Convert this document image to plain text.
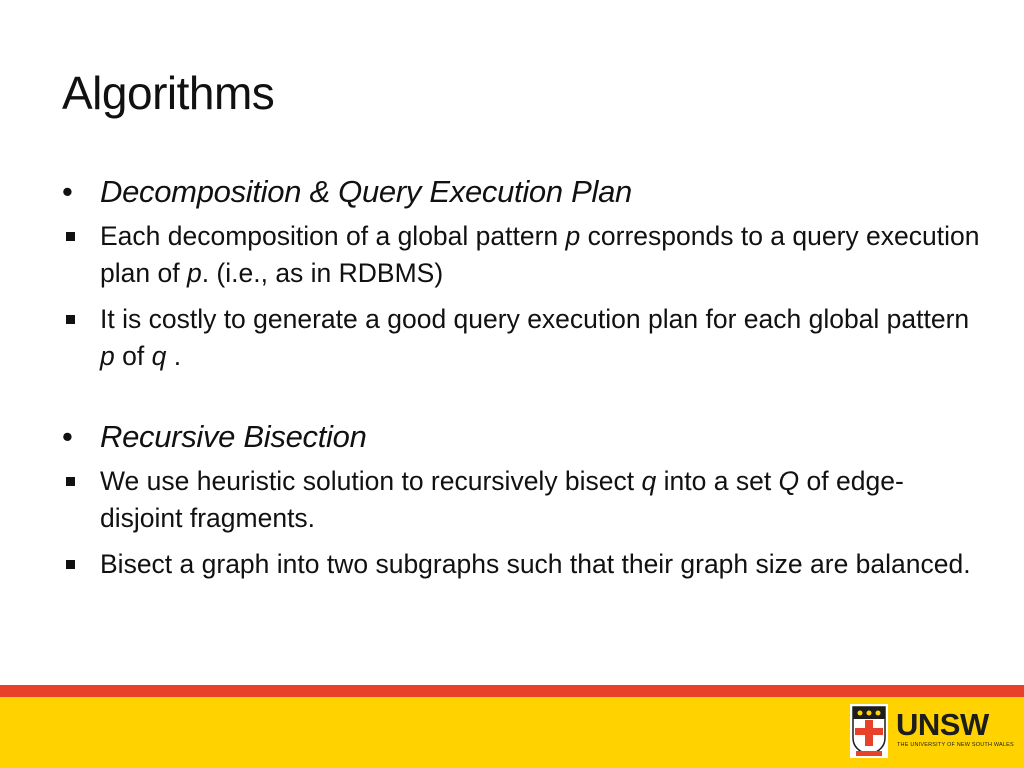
Algorithms
• Decomposition & Query Execution Plan
Each decomposition of a global pattern p corresponds to a query execution plan of p. (i.e., as in RDBMS)
It is costly to generate a good query execution plan for each global pattern p of q .
• Recursive Bisection
We use heuristic solution to recursively bisect q into a set Q of edge-disjoint fragments.
Bisect a graph into two subgraphs such that their graph size are balanced.
UNSW
THE UNIVERSITY OF NEW SOUTH WALES
